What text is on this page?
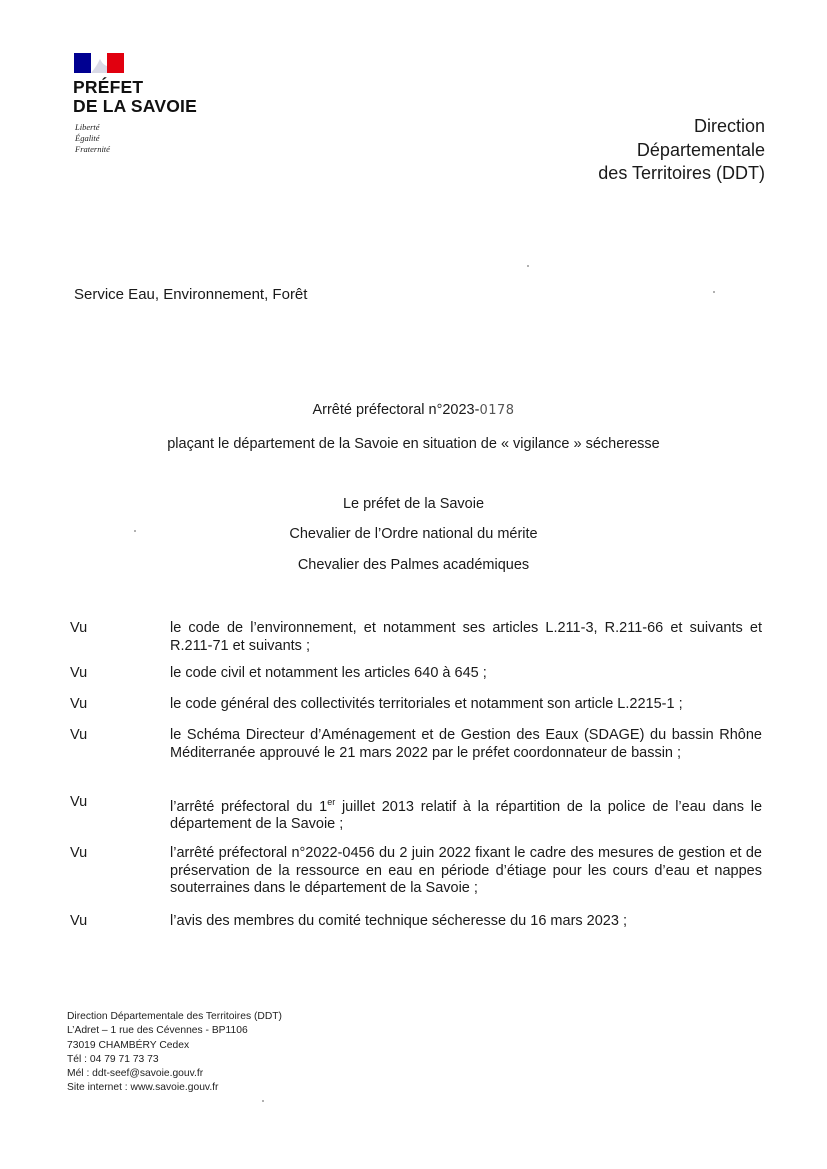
PRÉFET
DE LA SAVOIE
Liberté
Égalité
Fraternité
Direction
Départementale
des Territoires (DDT)
Service Eau, Environnement, Forêt
Arrêté préfectoral n°2023-0178
plaçant le département de la Savoie en situation de « vigilance » sécheresse
Le préfet de la Savoie
Chevalier de l’Ordre national du mérite
Chevalier des Palmes académiques
Vu	le code de l’environnement, et notamment ses articles L.211-3, R.211-66 et suivants et R.211-71 et suivants ;
Vu	le code civil et notamment les articles 640 à 645 ;
Vu	le code général des collectivités territoriales et notamment son article L.2215-1 ;
Vu	le Schéma Directeur d’Aménagement et de Gestion des Eaux (SDAGE) du bassin Rhône Méditerranée approuvé le 21 mars 2022 par le préfet coordonnateur de bassin ;
Vu	l’arrêté préfectoral du 1er juillet 2013 relatif à la répartition de la police de l’eau dans le département de la Savoie ;
Vu	l’arrêté préfectoral n°2022-0456 du 2 juin 2022 fixant le cadre des mesures de gestion et de préservation de la ressource en eau en période d’étiage pour les cours d’eau et nappes souterraines dans le département de la Savoie ;
Vu	l’avis des membres du comité technique sécheresse du 16 mars 2023 ;
Direction Départementale des Territoires (DDT)
L’Adret – 1 rue des Cévennes - BP1106
73019 CHAMBÉRY Cedex
Tél : 04 79 71 73 73
Mél : ddt-seef@savoie.gouv.fr
Site internet : www.savoie.gouv.fr
